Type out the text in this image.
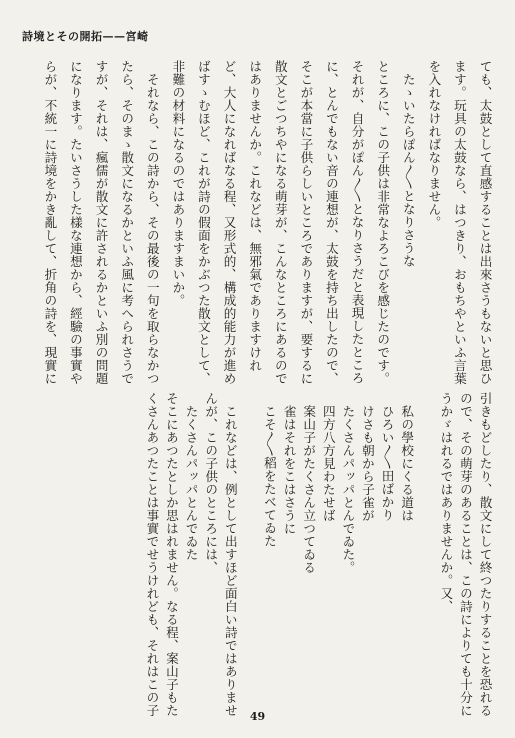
詩境とその開拓——宮崎
ても、太鼓として直感することは出來さうもないと思ひ
ます。玩具の太鼓なら、はつきり、おもちやといふ言葉
を入れなければなりません。
　たゝいたらぽん〳〵となりさうな
ところに、この子供は非常なよろこびを感じたのです。
それが、自分がぽん〳〵となりさうだと表現したところ
に、とんでもない音の連想が、太鼓を持ち出したので、
そこが本當に子供らしいところでありますが、要するに
散文とごつちやになる萌芽が、こんなところにあるので
はありませんか。これなどは、無邪氣でありますけれ
ど、大人になればなる程、又形式的、構成的能力が進め
ばすゝむほど、これが詩の假面をかぶつた散文として、
非難の材料になるのではありますまいか。
　それなら、この詩から、その最後の一句を取らなかつ
たら、そのまゝ散文になるかといふ風に考へられさうで
すが、それは、瘋儒が散文に許されるかといふ別の問題
になります。たいさうした樣な連想から、經驗の事實や
らが、不統一に詩境をかき亂して、折角の詩を、現實に
引きもどしたり、散文にして終つたりすることを恐れる
ので、その萌芽のあることは、この詩によりても十分に
うかゞはれるではありませんか。又、
　私の學校にくる道は
　ひろい〳〵田ばかり
　けさも朝から子雀が
　たくさんパッパとんでゐた。
　四方八方見わたせば
　案山子がたくさん立つてゐる
　雀はそれをこはさうに
　こそ〳〵稻をたべてゐた
　これなどは、例として出すほど面白い詩ではありませ
んが、この子供のところには、
　たくさんパッパとんでゐた
そこにあつたとしか思はれません。なる程、案山子もた
くさんあつたことは事實でせうけれども、それはこの子	49
